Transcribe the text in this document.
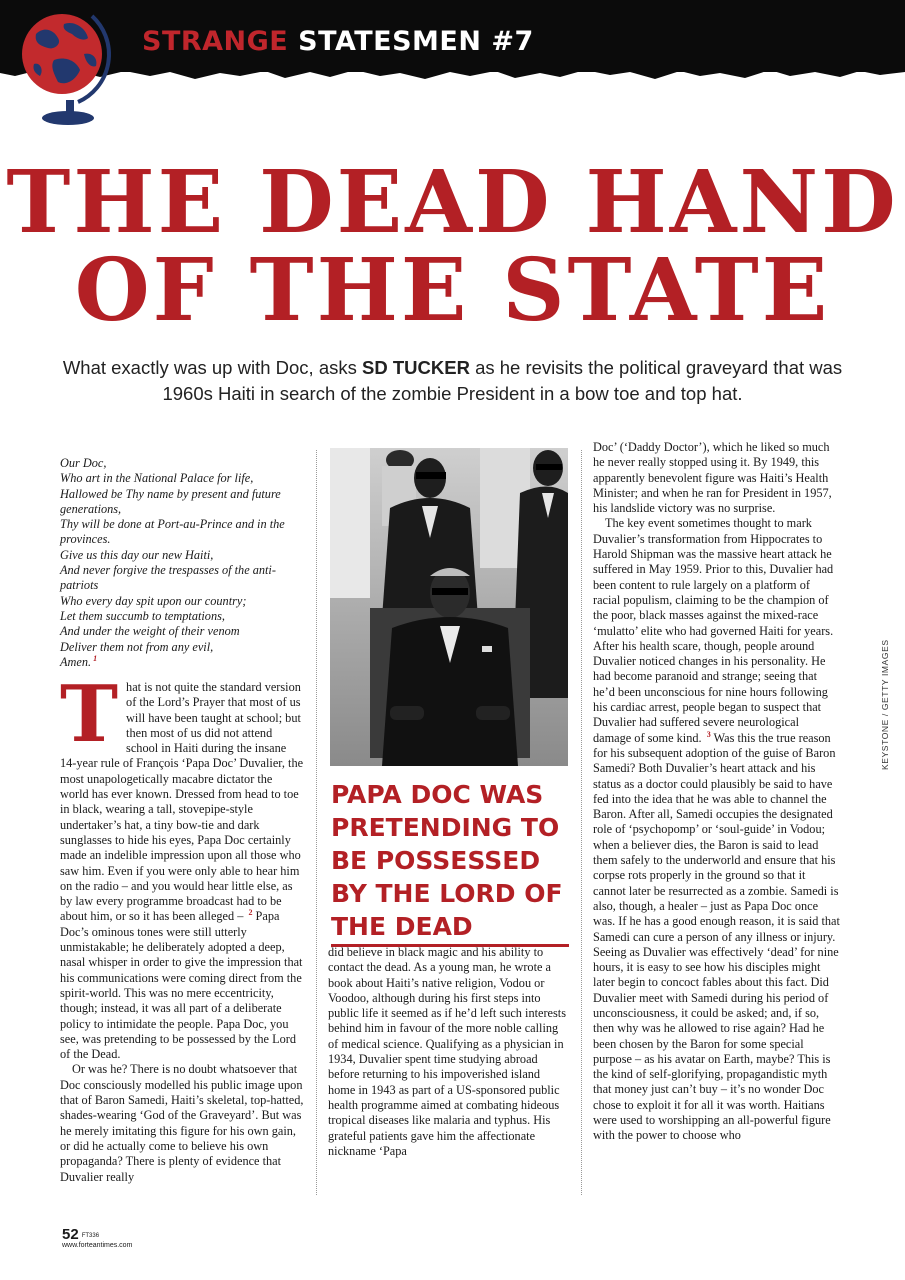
STRANGE STATESMEN #7
THE DEAD HAND
OF THE STATE
What exactly was up with Doc, asks SD TUCKER as he revisits the political graveyard that was 1960s Haiti in search of the zombie President in a bow toe and top hat.
Our Doc,
Who art in the National Palace for life,
Hallowed be Thy name by present and future generations,
Thy will be done at Port-au-Prince and in the provinces.
Give us this day our new Haiti,
And never forgive the trespasses of the anti-patriots
Who every day spit upon our country;
Let them succumb to temptations,
And under the weight of their venom
Deliver them not from any evil,
Amen. $^1$

That is not quite the standard version of the Lord’s Prayer that most of us will have been taught at school; but then most of us did not attend school in Haiti during the insane 14-year rule of François ‘Papa Doc’ Duvalier, the most unapologetically macabre dictator the world has ever known. Dressed from head to toe in black, wearing a tall, stovepipe-style undertaker’s hat, a tiny bow-tie and dark sunglasses to hide his eyes, Papa Doc certainly made an indelible impression upon all those who saw him. Even if you were only able to hear him on the radio – and you would hear little else, as by law every programme broadcast had to be about him, or so it has been alleged – $^2$ Papa Doc’s ominous tones were still utterly unmistakable; he deliberately adopted a deep, nasal whisper in order to give the impression that his communications were coming direct from the spirit-world. This was no mere eccentricity, though; instead, it was all part of a deliberate policy to intimidate the people. Papa Doc, you see, was pretending to be possessed by the Lord of the Dead.

Or was he? There is no doubt whatsoever that Doc consciously modelled his public image upon that of Baron Samedi, Haiti’s skeletal, top-hatted, shades-wearing ‘God of the Graveyard’. But was he merely imitating this figure for his own gain, or did he actually come to believe his own propaganda? There is plenty of evidence that Duvalier really

PAPA DOC WAS PRETENDING TO BE POSSESSED BY THE LORD OF THE DEAD

did believe in black magic and his ability to contact the dead. As a young man, he wrote a book about Haiti’s native religion, Vodou or Voodoo, although during his first steps into public life it seemed as if he’d left such interests behind him in favour of the more noble calling of medical science. Qualifying as a physician in 1934, Duvalier spent time studying abroad before returning to his impoverished island home in 1943 as part of a US-sponsored public health programme aimed at combating hideous tropical diseases like malaria and typhus. His grateful patients gave him the affectionate nickname ‘Papa

Doc’ (‘Daddy Doctor’), which he liked so much he never really stopped using it. By 1949, this apparently benevolent figure was Haiti’s Health Minister; and when he ran for President in 1957, his landslide victory was no surprise.

The key event sometimes thought to mark Duvalier’s transformation from Hippocrates to Harold Shipman was the massive heart attack he suffered in May 1959. Prior to this, Duvalier had been content to rule largely on a platform of racial populism, claiming to be the champion of the poor, black masses against the mixed-race ‘mulatto’ elite who had governed Haiti for years. After his health scare, though, people around Duvalier noticed changes in his personality. He had become paranoid and strange; seeing that he’d been unconscious for nine hours following his cardiac arrest, people began to suspect that Duvalier had suffered severe neurological damage of some kind. $^3$ Was this the true reason for his subsequent adoption of the guise of Baron Samedi? Both Duvalier’s heart attack and his status as a doctor could plausibly be said to have fed into the idea that he was able to channel the Baron. After all, Samedi occupies the designated role of ‘psychopomp’ or ‘soul-guide’ in Vodou; when a believer dies, the Baron is said to lead them safely to the underworld and ensure that his corpse rots properly in the ground so that it cannot later be resurrected as a zombie. Samedi is also, though, a healer – just as Papa Doc once was. If he has a good enough reason, it is said that Samedi can cure a person of any illness or injury. Seeing as Duvalier was effectively ‘dead’ for nine hours, it is easy to see how his disciples might later begin to concoct fables about this fact. Did Duvalier meet with Samedi during his period of unconsciousness, it could be asked; and, if so, then why was he allowed to rise again? Had he been chosen by the Baron for some special purpose – as his avatar on Earth, maybe? This is the kind of self-glorifying, propagandistic myth that money just can’t buy – it’s no wonder Doc chose to exploit it for all it was worth. Haitians were used to worshipping an all-powerful figure with the power to choose who

KEYSTONE / GETTY IMAGES
52 FT336
www.forteantimes.com
